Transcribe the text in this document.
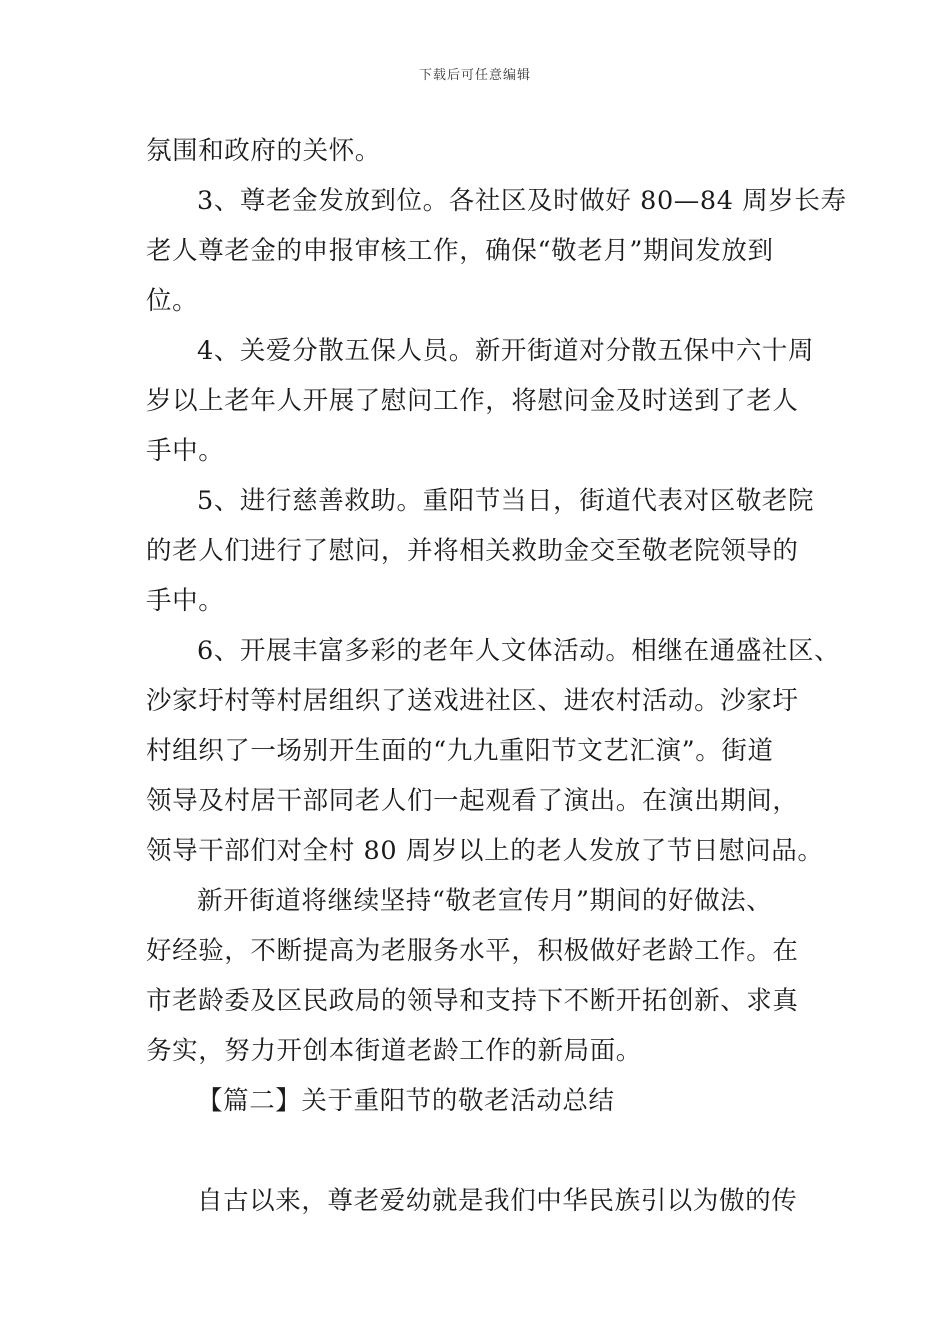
下载后可任意编辑
氛围和政府的关怀。
3、尊老金发放到位。各社区及时做好 80—84 周岁长寿
老人尊老金的申报审核工作，确保“敬老月”期间发放到
位。
4、关爱分散五保人员。新开街道对分散五保中六十周
岁以上老年人开展了慰问工作，将慰问金及时送到了老人
手中。
5、进行慈善救助。重阳节当日，街道代表对区敬老院
的老人们进行了慰问，并将相关救助金交至敬老院领导的
手中。
6、开展丰富多彩的老年人文体活动。相继在通盛社区、
沙家圩村等村居组织了送戏进社区、进农村活动。沙家圩
村组织了一场别开生面的“九九重阳节文艺汇演”。街道
领导及村居干部同老人们一起观看了演出。在演出期间，
领导干部们对全村 80 周岁以上的老人发放了节日慰问品。
新开街道将继续坚持“敬老宣传月”期间的好做法、
好经验，不断提高为老服务水平，积极做好老龄工作。在
市老龄委及区民政局的领导和支持下不断开拓创新、求真
务实，努力开创本街道老龄工作的新局面。
【篇二】关于重阳节的敬老活动总结
自古以来，尊老爱幼就是我们中华民族引以为傲的传
